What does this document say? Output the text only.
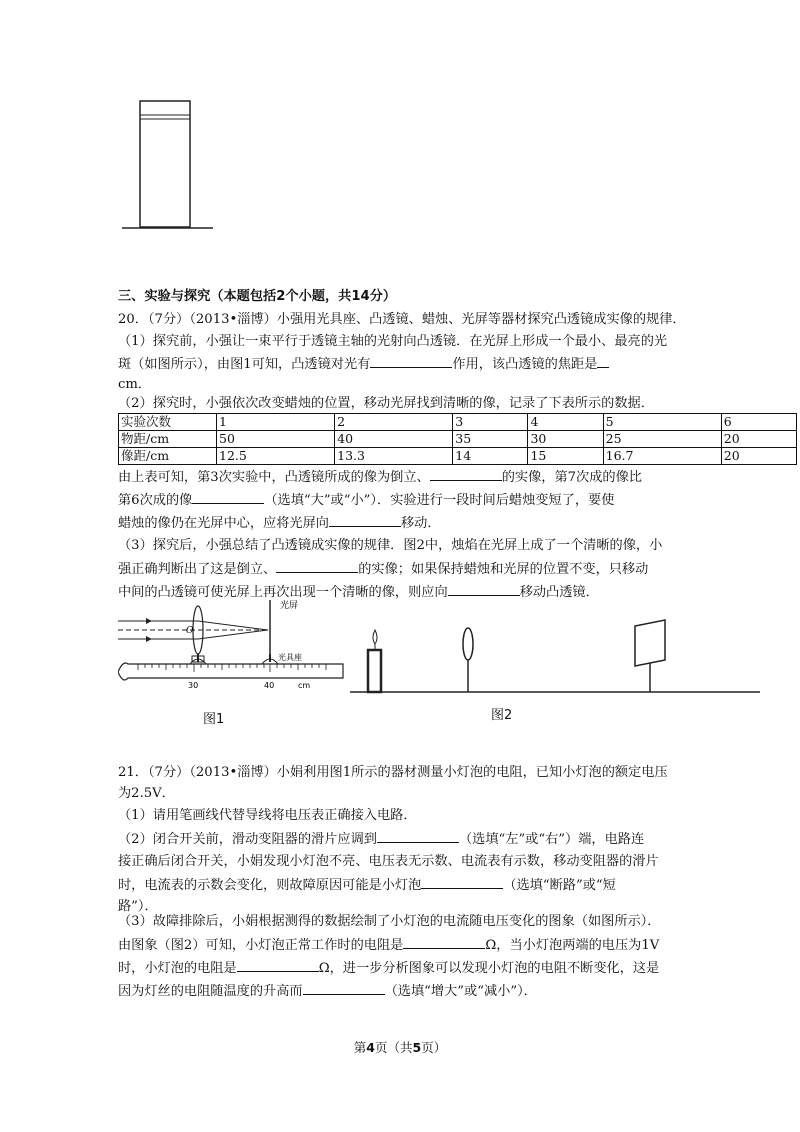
三、实验与探究（本题包括2个小题，共14分）
20．（7分）（2013•淄博）小强用光具座、凸透镜、蜡烛、光屏等器材探究凸透镜成实像的规律．
（1）探究前，小强让一束平行于透镜主轴的光射向凸透镜．在光屏上形成一个最小、最亮的光
斑（如图所示），由图1可知，凸透镜对光有	作用，该凸透镜的焦距是
cm．
（2）探究时，小强依次改变蜡烛的位置，移动光屏找到清晰的像，记录了下表所示的数据．
实验次数	1	2	3	4	5	6
物距/cm	50	40	35	30	25	20
像距/cm	12.5	13.3	14	15	16.7	20
由上表可知，第3次实验中，凸透镜所成的像为倒立、	的实像，第7次成的像比
第6次成的像	（选填“大”或“小”）．实验进行一段时间后蜡烛变短了，要使
蜡烛的像仍在光屏中心，应将光屏向	移动．
（3）探究后，小强总结了凸透镜成实像的规律．图2中，烛焰在光屏上成了一个清晰的像，小
强正确判断出了这是倒立、	的实像；如果保持蜡烛和光屏的位置不变，只移动
中间的凸透镜可使光屏上再次出现一个清晰的像，则应向	移动凸透镜．
光屏
O
光具座
30	40	cm
图1	图2
21．（7分）（2013•淄博）小娟利用图1所示的器材测量小灯泡的电阻，已知小灯泡的额定电压
为2.5V．
（1）请用笔画线代替导线将电压表正确接入电路．
（2）闭合开关前，滑动变阻器的滑片应调到	（选填“左”或“右”）端，电路连
接正确后闭合开关，小娟发现小灯泡不亮、电压表无示数、电流表有示数，移动变阻器的滑片
时，电流表的示数会变化，则故障原因可能是小灯泡	（选填“断路”或“短
路”）．
（3）故障排除后，小娟根据测得的数据绘制了小灯泡的电流随电压变化的图象（如图所示）．
由图象（图2）可知，小灯泡正常工作时的电阻是	Ω，当小灯泡两端的电压为1V
时，小灯泡的电阻是	Ω，进一步分析图象可以发现小灯泡的电阻不断变化，这是
因为灯丝的电阻随温度的升高而	（选填“增大”或“减小”）．
第4页（共5页）
